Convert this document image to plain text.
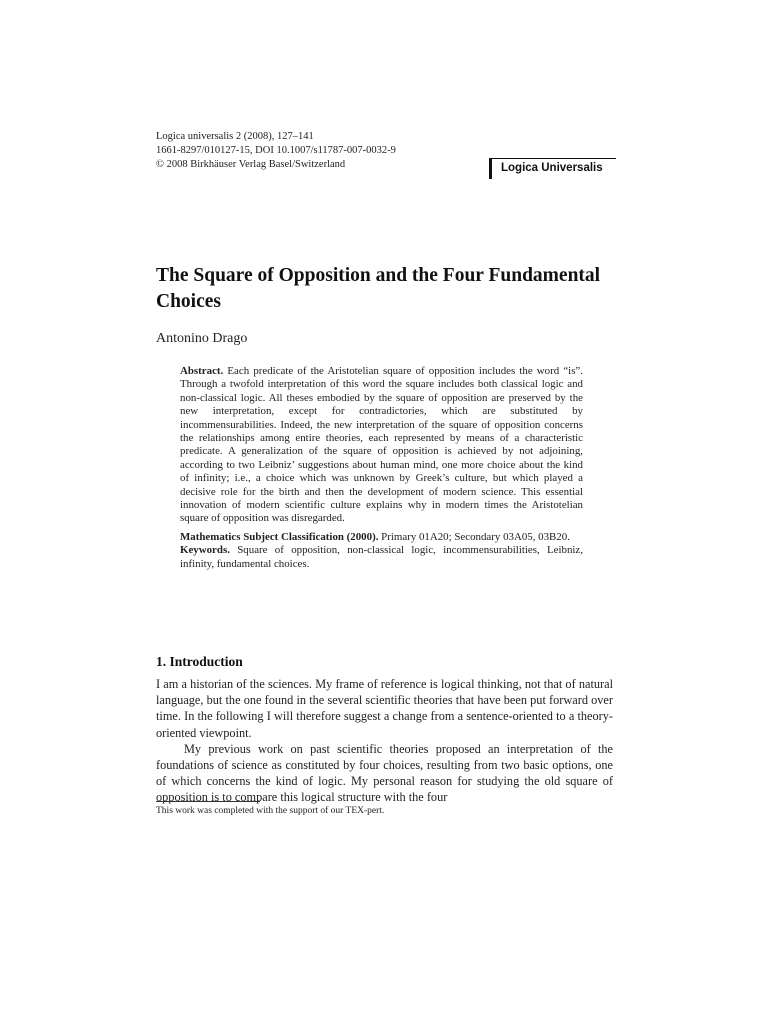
Logica universalis 2 (2008), 127–141
1661-8297/010127-15, DOI 10.1007/s11787-007-0032-9
© 2008 Birkhäuser Verlag Basel/Switzerland	Logica Universalis
The Square of Opposition and the Four Fundamental Choices
Antonino Drago

Abstract. Each predicate of the Aristotelian square of opposition includes the word “is”. Through a twofold interpretation of this word the square includes both classical logic and non-classical logic. All theses embodied by the square of opposition are preserved by the new interpretation, except for contradictories, which are substituted by incommensurabilities. Indeed, the new interpretation of the square of opposition concerns the relationships among entire theories, each represented by means of a characteristic predicate. A generalization of the square of opposition is achieved by not adjoining, according to two Leibniz’ suggestions about human mind, one more choice about the kind of infinity; i.e., a choice which was unknown by Greek’s culture, but which played a decisive role for the birth and then the development of modern science. This essential innovation of modern scientific culture explains why in modern times the Aristotelian square of opposition was disregarded.

Mathematics Subject Classification (2000). Primary 01A20; Secondary 03A05, 03B20.

Keywords. Square of opposition, non-classical logic, incommensurabilities, Leibniz, infinity, fundamental choices.

1. Introduction

I am a historian of the sciences. My frame of reference is logical thinking, not that of natural language, but the one found in the several scientific theories that have been put forward over time. In the following I will therefore suggest a change from a sentence-oriented to a theory-oriented viewpoint.

My previous work on past scientific theories proposed an interpretation of the foundations of science as constituted by four choices, resulting from two basic options, one of which concerns the kind of logic. My personal reason for studying the old square of opposition is to compare this logical structure with the four

This work was completed with the support of our TEX-pert.
